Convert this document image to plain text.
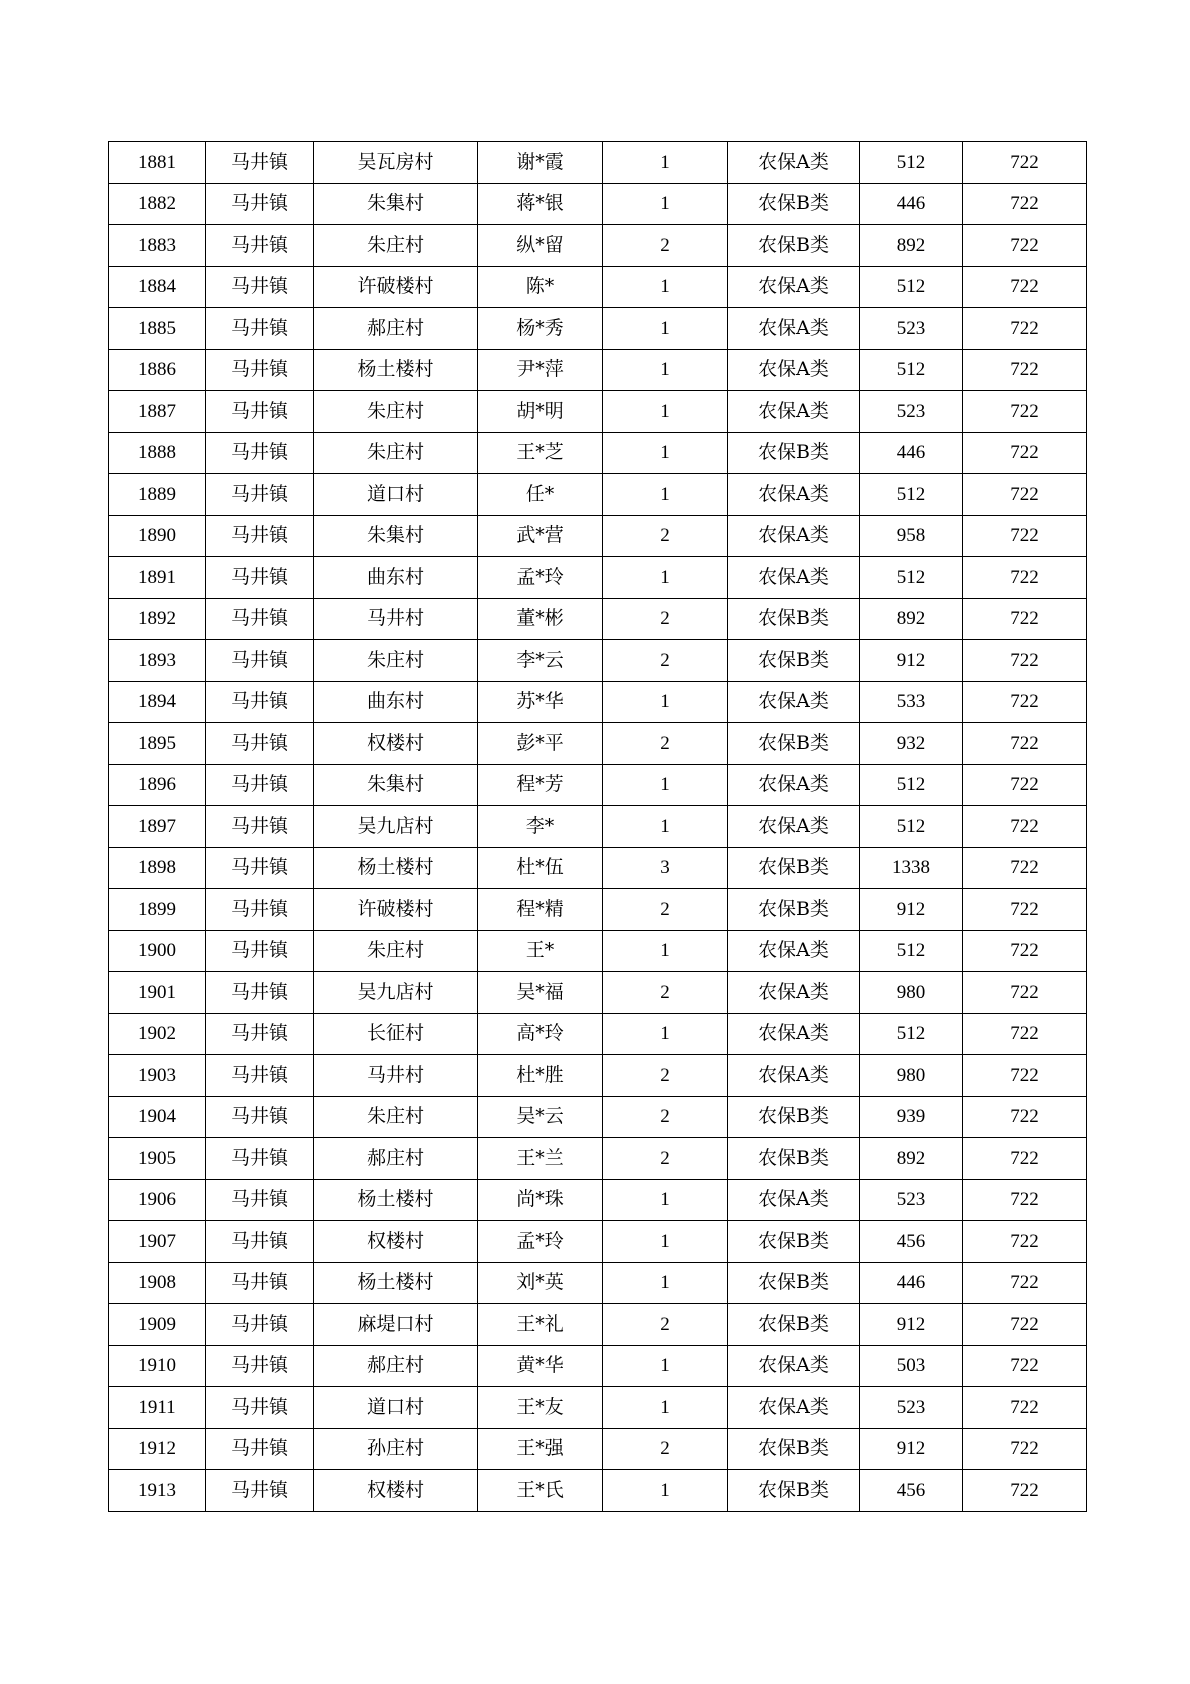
1881	马井镇	吴瓦房村	谢*霞	1	农保A类	512	722
1882	马井镇	朱集村	蒋*银	1	农保B类	446	722
1883	马井镇	朱庄村	纵*留	2	农保B类	892	722
1884	马井镇	许破楼村	陈*	1	农保A类	512	722
1885	马井镇	郝庄村	杨*秀	1	农保A类	523	722
1886	马井镇	杨土楼村	尹*萍	1	农保A类	512	722
1887	马井镇	朱庄村	胡*明	1	农保A类	523	722
1888	马井镇	朱庄村	王*芝	1	农保B类	446	722
1889	马井镇	道口村	任*	1	农保A类	512	722
1890	马井镇	朱集村	武*营	2	农保A类	958	722
1891	马井镇	曲东村	孟*玲	1	农保A类	512	722
1892	马井镇	马井村	董*彬	2	农保B类	892	722
1893	马井镇	朱庄村	李*云	2	农保B类	912	722
1894	马井镇	曲东村	苏*华	1	农保A类	533	722
1895	马井镇	权楼村	彭*平	2	农保B类	932	722
1896	马井镇	朱集村	程*芳	1	农保A类	512	722
1897	马井镇	吴九店村	李*	1	农保A类	512	722
1898	马井镇	杨土楼村	杜*伍	3	农保B类	1338	722
1899	马井镇	许破楼村	程*精	2	农保B类	912	722
1900	马井镇	朱庄村	王*	1	农保A类	512	722
1901	马井镇	吴九店村	吴*福	2	农保A类	980	722
1902	马井镇	长征村	高*玲	1	农保A类	512	722
1903	马井镇	马井村	杜*胜	2	农保A类	980	722
1904	马井镇	朱庄村	吴*云	2	农保B类	939	722
1905	马井镇	郝庄村	王*兰	2	农保B类	892	722
1906	马井镇	杨土楼村	尚*珠	1	农保A类	523	722
1907	马井镇	权楼村	孟*玲	1	农保B类	456	722
1908	马井镇	杨土楼村	刘*英	1	农保B类	446	722
1909	马井镇	麻堤口村	王*礼	2	农保B类	912	722
1910	马井镇	郝庄村	黄*华	1	农保A类	503	722
1911	马井镇	道口村	王*友	1	农保A类	523	722
1912	马井镇	孙庄村	王*强	2	农保B类	912	722
1913	马井镇	权楼村	王*氏	1	农保B类	456	722
